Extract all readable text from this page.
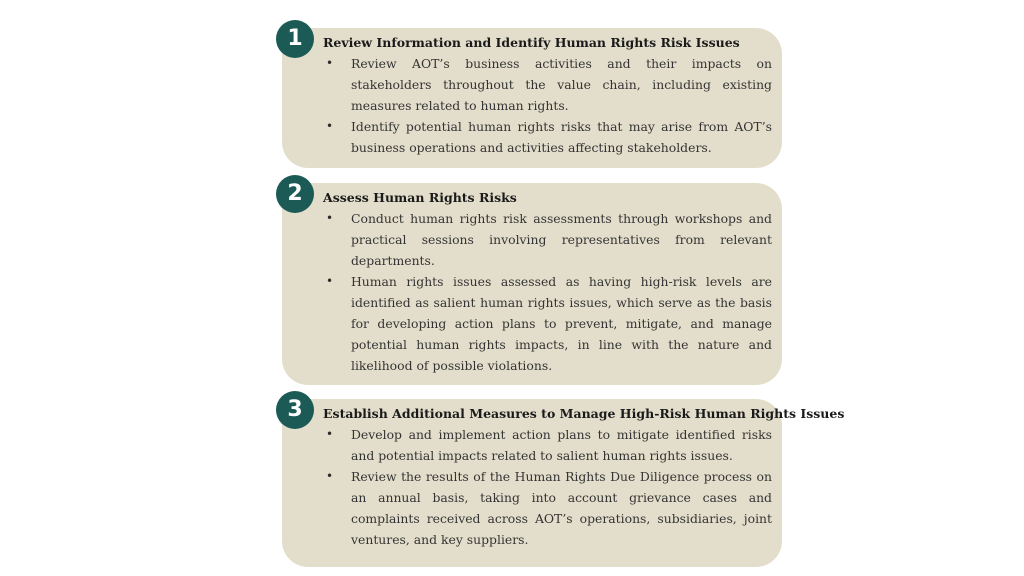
1	Review Information and Identify Human Rights Risk Issues
• Review AOT’s business activities and their impacts on stakeholders throughout the value chain, including existing measures related to human rights.
• Identify potential human rights risks that may arise from AOT’s business operations and activities affecting stakeholders.
2	Assess Human Rights Risks
• Conduct human rights risk assessments through workshops and practical sessions involving representatives from relevant departments.
• Human rights issues assessed as having high-risk levels are identified as salient human rights issues, which serve as the basis for developing action plans to prevent, mitigate, and manage potential human rights impacts, in line with the nature and likelihood of possible violations.
3	Establish Additional Measures to Manage High-Risk Human Rights Issues
• Develop and implement action plans to mitigate identified risks and potential impacts related to salient human rights issues.
• Review the results of the Human Rights Due Diligence process on an annual basis, taking into account grievance cases and complaints received across AOT’s operations, subsidiaries, joint ventures, and key suppliers.
